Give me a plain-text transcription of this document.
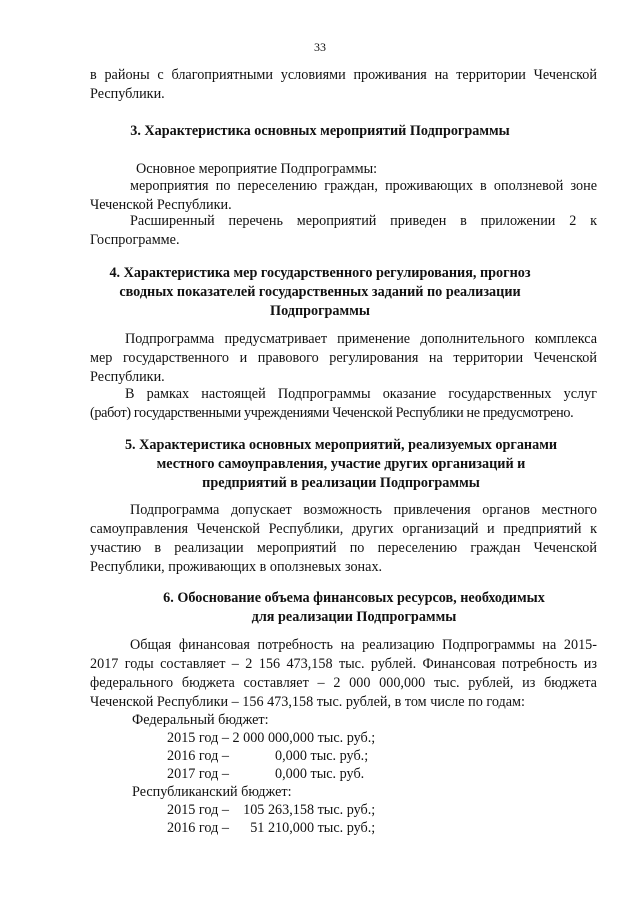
33
в районы с благоприятными условиями проживания на территории Чеченской
Республики.
3. Характеристика основных мероприятий Подпрограммы
Основное мероприятие Подпрограммы:
мероприятия по переселению граждан, проживающих в оползневой зоне
Чеченской Республики.
Расширенный перечень мероприятий приведен в приложении 2 к
Госпрограмме.
4. Характеристика мер государственного регулирования, прогноз
сводных показателей государственных заданий по реализации
Подпрограммы
Подпрограмма предусматривает применение дополнительного комплекса
мер государственного и правового регулирования на территории Чеченской
Республики.
В рамках настоящей Подпрограммы оказание государственных услуг
(работ) государственными учреждениями Чеченской Республики не предусмотрено.
5. Характеристика основных мероприятий, реализуемых органами
местного самоуправления, участие других организаций и
предприятий в реализации Подпрограммы
Подпрограмма допускает возможность привлечения органов местного
самоуправления Чеченской Республики, других организаций и предприятий к
участию в реализации мероприятий по переселению граждан Чеченской
Республики, проживающих в оползневых зонах.
6. Обоснование объема финансовых ресурсов, необходимых
для реализации Подпрограммы
Общая финансовая потребность на реализацию Подпрограммы на 2015-
2017 годы составляет – 2 156 473,158 тыс. рублей. Финансовая потребность из
федерального бюджета составляет – 2 000 000,000 тыс. рублей, из бюджета
Чеченской Республики – 156 473,158 тыс. рублей, в том числе по годам:
Федеральный бюджет:
2015 год – 2 000 000,000 тыс. руб.;
2016 год –             0,000 тыс. руб.;
2017 год –             0,000 тыс. руб.
Республиканский бюджет:
2015 год –    105 263,158 тыс. руб.;
2016 год –      51 210,000 тыс. руб.;
